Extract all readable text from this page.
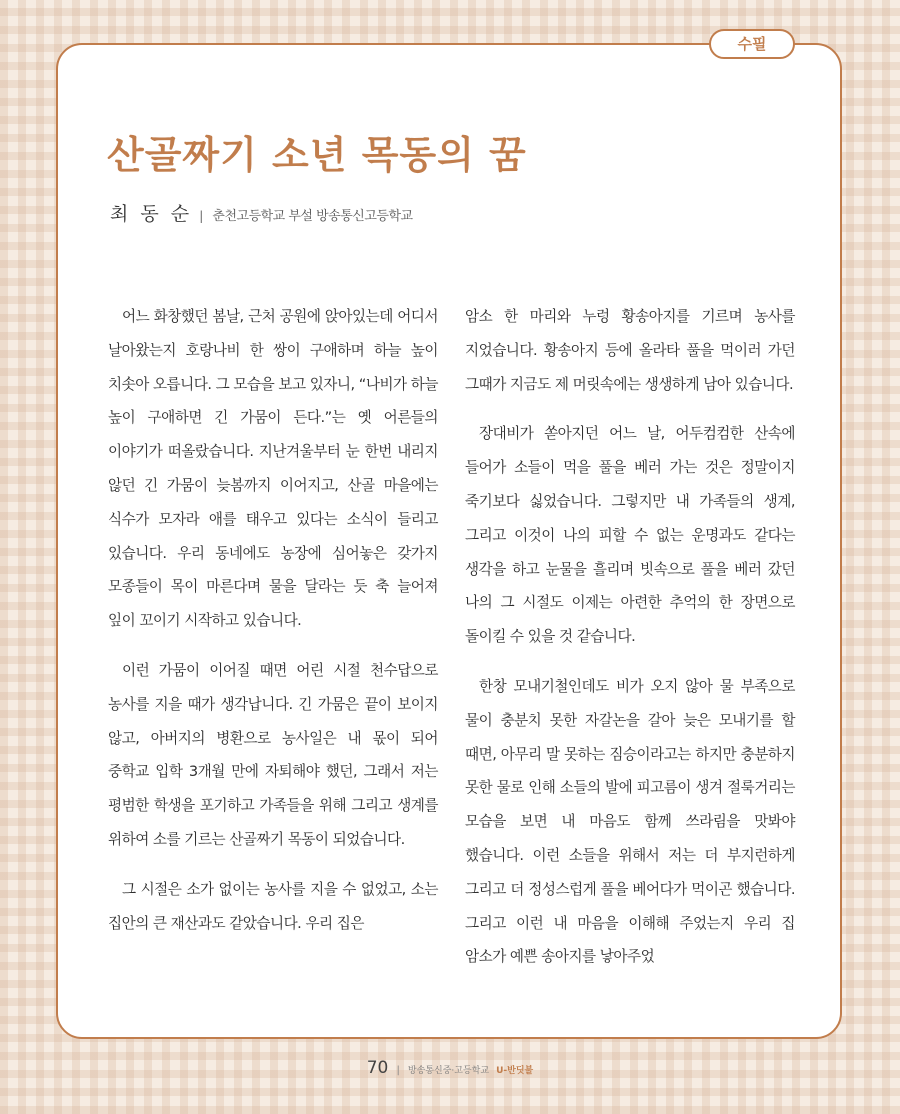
수필
산골짜기 소년 목동의 꿈
최 동 순 | 춘천고등학교 부설 방송통신고등학교

어느 화창했던 봄날, 근처 공원에 앉아있는데 어디서 날아왔는지 호랑나비 한 쌍이 구애하며 하늘 높이 치솟아 오릅니다. 그 모습을 보고 있자니, “나비가 하늘 높이 구애하면 긴 가뭄이 든다.”는 옛 어른들의 이야기가 떠올랐습니다. 지난겨울부터 눈 한번 내리지 않던 긴 가뭄이 늦봄까지 이어지고, 산골 마을에는 식수가 모자라 애를 태우고 있다는 소식이 들리고 있습니다. 우리 동네에도 농장에 심어놓은 갖가지 모종들이 목이 마른다며 물을 달라는 듯 축 늘어져 잎이 꼬이기 시작하고 있습니다.

이런 가뭄이 이어질 때면 어린 시절 천수답으로 농사를 지을 때가 생각납니다. 긴 가뭄은 끝이 보이지 않고, 아버지의 병환으로 농사일은 내 몫이 되어 중학교 입학 3개월 만에 자퇴해야 했던, 그래서 저는 평범한 학생을 포기하고 가족들을 위해 그리고 생계를 위하여 소를 기르는 산골짜기 목동이 되었습니다.

그 시절은 소가 없이는 농사를 지을 수 없었고, 소는 집안의 큰 재산과도 같았습니다. 우리 집은

암소 한 마리와 누렁 황송아지를 기르며 농사를 지었습니다. 황송아지 등에 올라타 풀을 먹이러 가던 그때가 지금도 제 머릿속에는 생생하게 남아 있습니다.

장대비가 쏟아지던 어느 날, 어두컴컴한 산속에 들어가 소들이 먹을 풀을 베러 가는 것은 정말이지 죽기보다 싫었습니다. 그렇지만 내 가족들의 생계, 그리고 이것이 나의 피할 수 없는 운명과도 같다는 생각을 하고 눈물을 흘리며 빗속으로 풀을 베러 갔던 나의 그 시절도 이제는 아련한 추억의 한 장면으로 돌이킬 수 있을 것 같습니다.

한창 모내기철인데도 비가 오지 않아 물 부족으로 물이 충분치 못한 자갈논을 갈아 늦은 모내기를 할 때면, 아무리 말 못하는 짐승이라고는 하지만 충분하지 못한 물로 인해 소들의 발에 피고름이 생겨 절룩거리는 모습을 보면 내 마음도 함께 쓰라림을 맛봐야 했습니다. 이런 소들을 위해서 저는 더 부지런하게 그리고 더 정성스럽게 풀을 베어다가 먹이곤 했습니다. 그리고 이런 내 마음을 이해해 주었는지 우리 집 암소가 예쁜 송아지를 낳아주었

70 | 방송통신중·고등학교 U-반딧불
